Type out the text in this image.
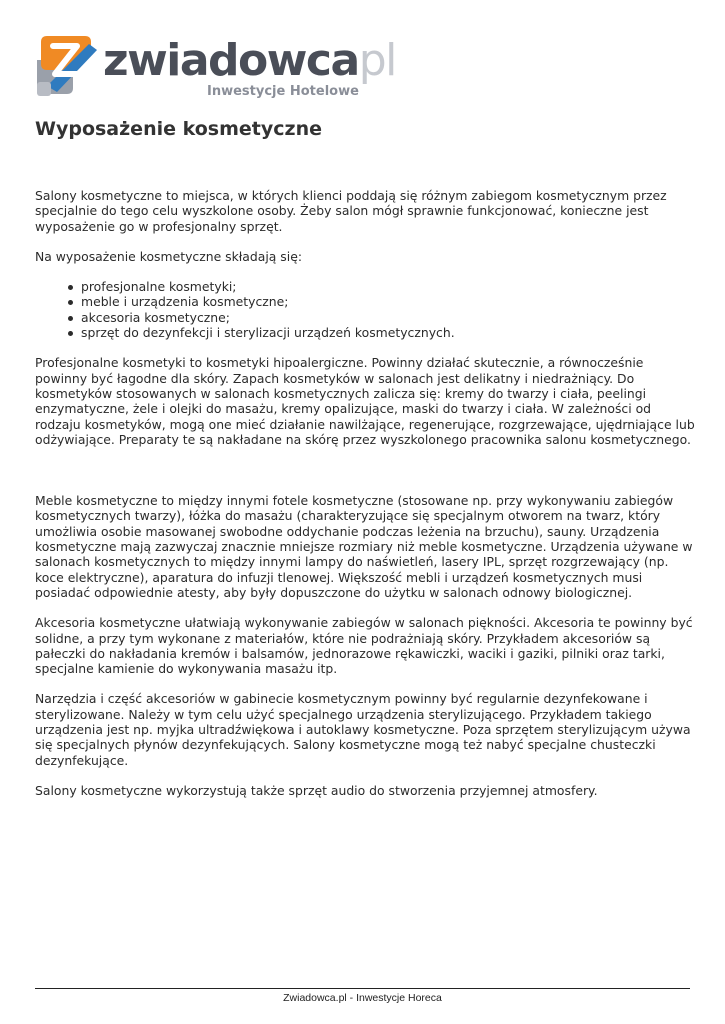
zwiadowcapl
Inwestycje Hotelowe
Wyposażenie kosmetyczne

Salony kosmetyczne to miejsca, w których klienci poddają się różnym zabiegom kosmetycznym przez specjalnie do tego celu wyszkolone osoby. Żeby salon mógł sprawnie funkcjonować, konieczne jest wyposażenie go w profesjonalny sprzęt.

Na wyposażenie kosmetyczne składają się:

profesjonalne kosmetyki;
meble i urządzenia kosmetyczne;
akcesoria kosmetyczne;
sprzęt do dezynfekcji i sterylizacji urządzeń kosmetycznych.

Profesjonalne kosmetyki to kosmetyki hipoalergiczne. Powinny działać skutecznie, a równocześnie powinny być łagodne dla skóry. Zapach kosmetyków w salonach jest delikatny i niedrażniący. Do kosmetyków stosowanych w salonach kosmetycznych zalicza się: kremy do twarzy i ciała, peelingi enzymatyczne, żele i olejki do masażu, kremy opalizujące, maski do twarzy i ciała. W zależności od rodzaju kosmetyków, mogą one mieć działanie nawilżające, regenerujące, rozgrzewające, ujędrniające lub odżywiające. Preparaty te są nakładane na skórę przez wyszkolonego pracownika salonu kosmetycznego.

Meble kosmetyczne to między innymi fotele kosmetyczne (stosowane np. przy wykonywaniu zabiegów kosmetycznych twarzy), łóżka do masażu (charakteryzujące się specjalnym otworem na twarz, który umożliwia osobie masowanej swobodne oddychanie podczas leżenia na brzuchu), sauny. Urządzenia kosmetyczne mają zazwyczaj znacznie mniejsze rozmiary niż meble kosmetyczne. Urządzenia używane w salonach kosmetycznych to między innymi lampy do naświetleń, lasery IPL, sprzęt rozgrzewający (np. koce elektryczne), aparatura do infuzji tlenowej. Większość mebli i urządzeń kosmetycznych musi posiadać odpowiednie atesty, aby były dopuszczone do użytku w salonach odnowy biologicznej.

Akcesoria kosmetyczne ułatwiają wykonywanie zabiegów w salonach piękności. Akcesoria te powinny być solidne, a przy tym wykonane z materiałów, które nie podrażniają skóry. Przykładem akcesoriów są pałeczki do nakładania kremów i balsamów, jednorazowe rękawiczki, waciki i gaziki, pilniki oraz tarki, specjalne kamienie do wykonywania masażu itp.

Narzędzia i część akcesoriów w gabinecie kosmetycznym powinny być regularnie dezynfekowane i sterylizowane. Należy w tym celu użyć specjalnego urządzenia sterylizującego. Przykładem takiego urządzenia jest np. myjka ultradźwiękowa i autoklawy kosmetyczne. Poza sprzętem sterylizującym używa się specjalnych płynów dezynfekujących. Salony kosmetyczne mogą też nabyć specjalne chusteczki dezynfekujące.

Salony kosmetyczne wykorzystują także sprzęt audio do stworzenia przyjemnej atmosfery.

Zwiadowca.pl - Inwestycje Horeca
